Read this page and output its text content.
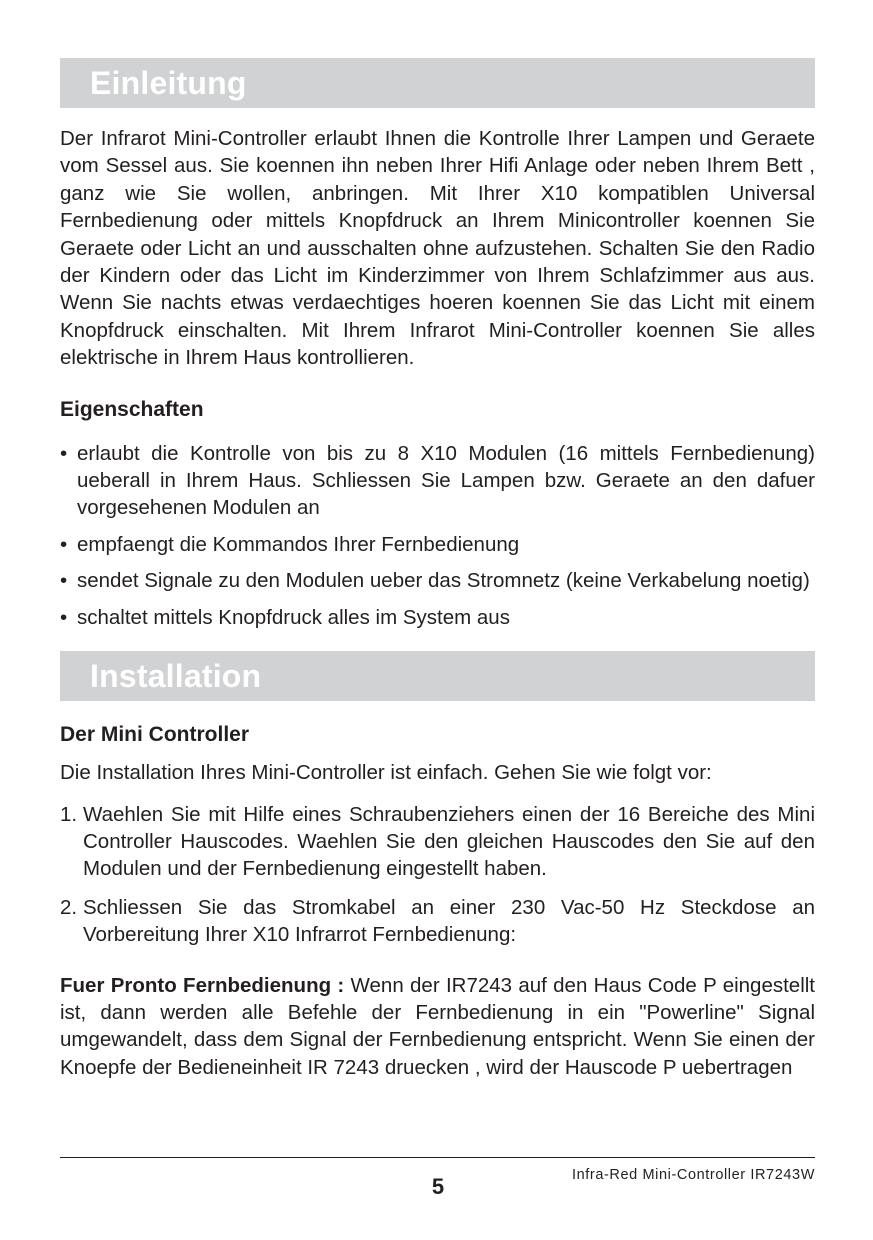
Einleitung

Der Infrarot Mini-Controller erlaubt Ihnen die Kontrolle Ihrer Lampen und Geraete vom Sessel aus. Sie koennen ihn neben Ihrer Hifi Anlage oder neben Ihrem Bett , ganz wie Sie wollen, anbringen. Mit Ihrer X10 kompatiblen Universal Fernbedienung oder mittels Knopfdruck an Ihrem Minicontroller koennen Sie Geraete oder Licht an und ausschalten ohne aufzustehen. Schalten Sie den Radio der Kindern oder das Licht im Kinderzimmer von Ihrem Schlafzimmer aus aus. Wenn Sie nachts etwas verdaechtiges hoeren koennen Sie das Licht mit einem Knopfdruck einschalten. Mit Ihrem Infrarot Mini-Controller koennen Sie alles elektrische in Ihrem Haus kontrollieren.

Eigenschaften
• erlaubt die Kontrolle von bis zu 8 X10 Modulen (16 mittels Fernbedienung) ueberall in Ihrem Haus. Schliessen Sie Lampen bzw. Geraete an den dafuer vorgesehenen Modulen an
• empfaengt die Kommandos Ihrer Fernbedienung
• sendet Signale zu den Modulen ueber das Stromnetz (keine Verkabelung noetig)
• schaltet mittels Knopfdruck alles im System aus
Installation
Der Mini Controller

Die Installation Ihres Mini-Controller ist einfach. Gehen Sie wie folgt vor:

1. Waehlen Sie mit Hilfe eines Schraubenziehers einen der 16 Bereiche des Mini Controller Hauscodes. Waehlen Sie den gleichen Hauscodes den Sie auf den Modulen und der Fernbedienung eingestellt haben.
2. Schliessen Sie das Stromkabel an einer 230 Vac-50 Hz Steckdose an Vorbereitung Ihrer X10 Infrarrot Fernbedienung:

Fuer Pronto Fernbedienung : Wenn der IR7243 auf den Haus Code P eingestellt ist, dann werden alle Befehle der Fernbedienung in ein "Powerline" Signal umgewandelt, dass dem Signal der Fernbedienung entspricht. Wenn Sie einen der Knoepfe der Bedieneinheit IR 7243 druecken , wird der Hauscode P uebertragen

5	Infra-Red Mini-Controller IR7243W
